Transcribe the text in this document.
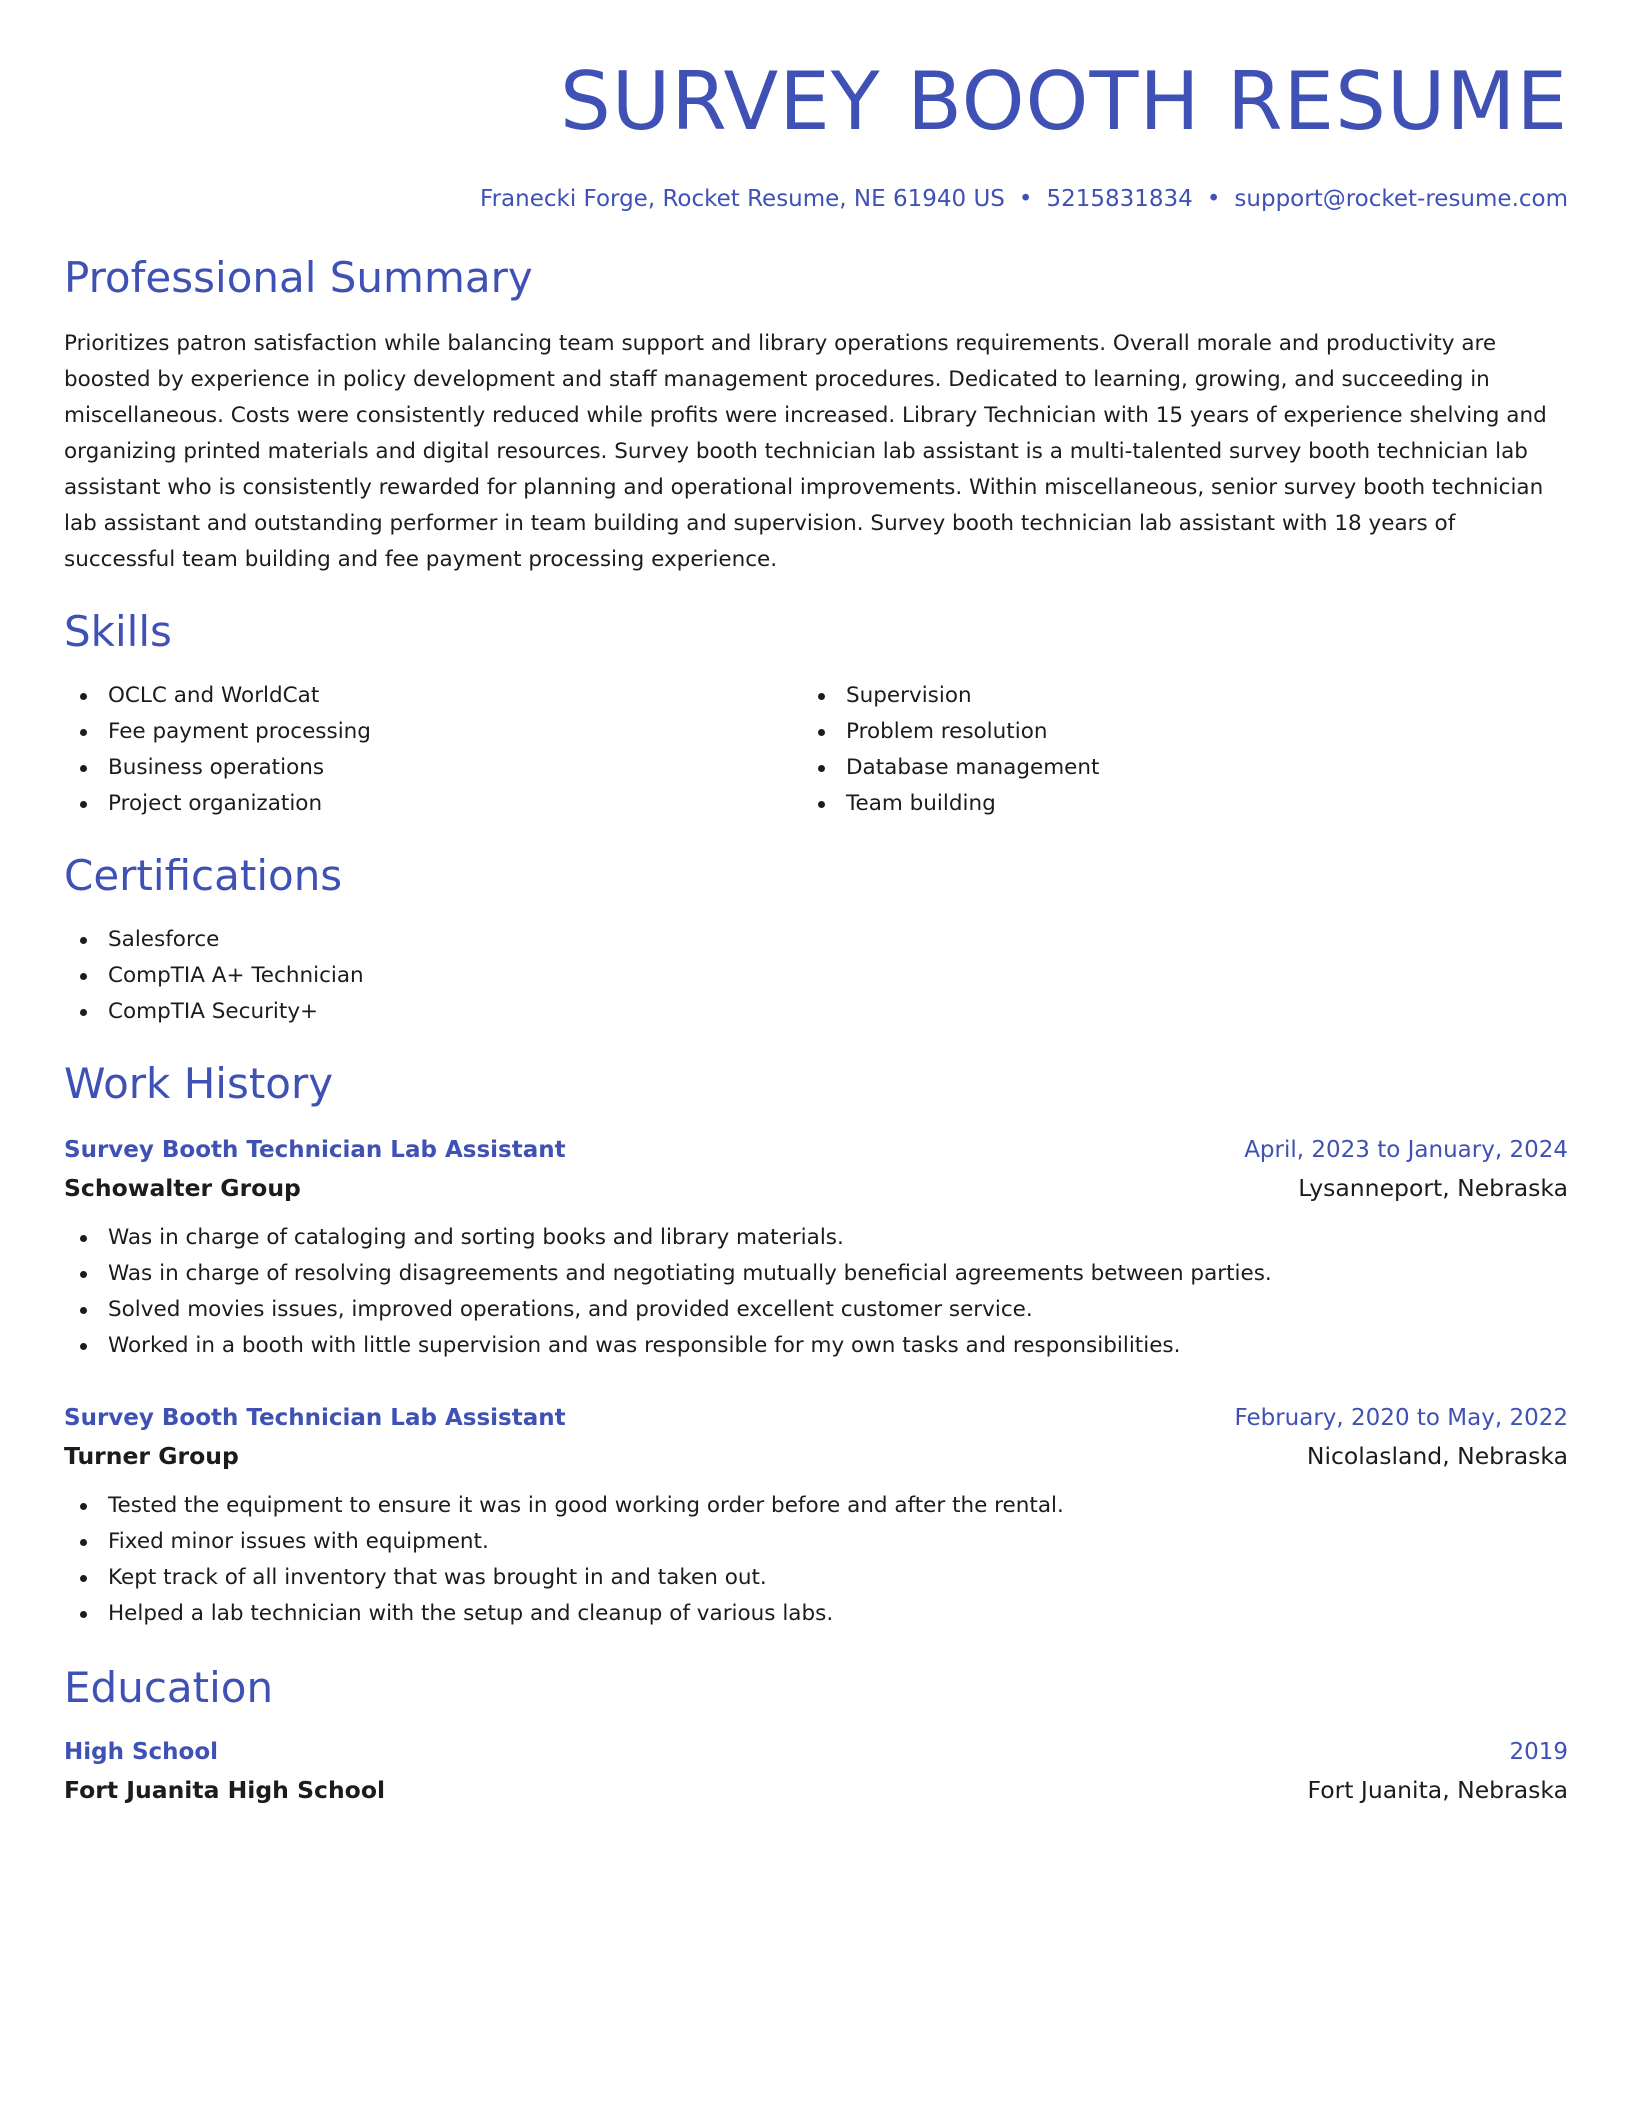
SURVEY BOOTH RESUME
Franecki Forge, Rocket Resume, NE 61940 US • 5215831834 • support@rocket-resume.com
Professional Summary
Prioritizes patron satisfaction while balancing team support and library operations requirements. Overall morale and productivity are boosted by experience in policy development and staff management procedures. Dedicated to learning, growing, and succeeding in miscellaneous. Costs were consistently reduced while profits were increased. Library Technician with 15 years of experience shelving and organizing printed materials and digital resources. Survey booth technician lab assistant is a multi-talented survey booth technician lab assistant who is consistently rewarded for planning and operational improvements. Within miscellaneous, senior survey booth technician lab assistant and outstanding performer in team building and supervision. Survey booth technician lab assistant with 18 years of successful team building and fee payment processing experience.
Skills
OCLC and WorldCat
Fee payment processing
Business operations
Project organization
Supervision
Problem resolution
Database management
Team building
Certifications
Salesforce
CompTIA A+ Technician
CompTIA Security+
Work History
Survey Booth Technician Lab Assistant	April, 2023 to January, 2024
Schowalter Group	Lysanneport, Nebraska
Was in charge of cataloging and sorting books and library materials.
Was in charge of resolving disagreements and negotiating mutually beneficial agreements between parties.
Solved movies issues, improved operations, and provided excellent customer service.
Worked in a booth with little supervision and was responsible for my own tasks and responsibilities.
Survey Booth Technician Lab Assistant	February, 2020 to May, 2022
Turner Group	Nicolasland, Nebraska
Tested the equipment to ensure it was in good working order before and after the rental.
Fixed minor issues with equipment.
Kept track of all inventory that was brought in and taken out.
Helped a lab technician with the setup and cleanup of various labs.
Education
High School	2019
Fort Juanita High School	Fort Juanita, Nebraska
